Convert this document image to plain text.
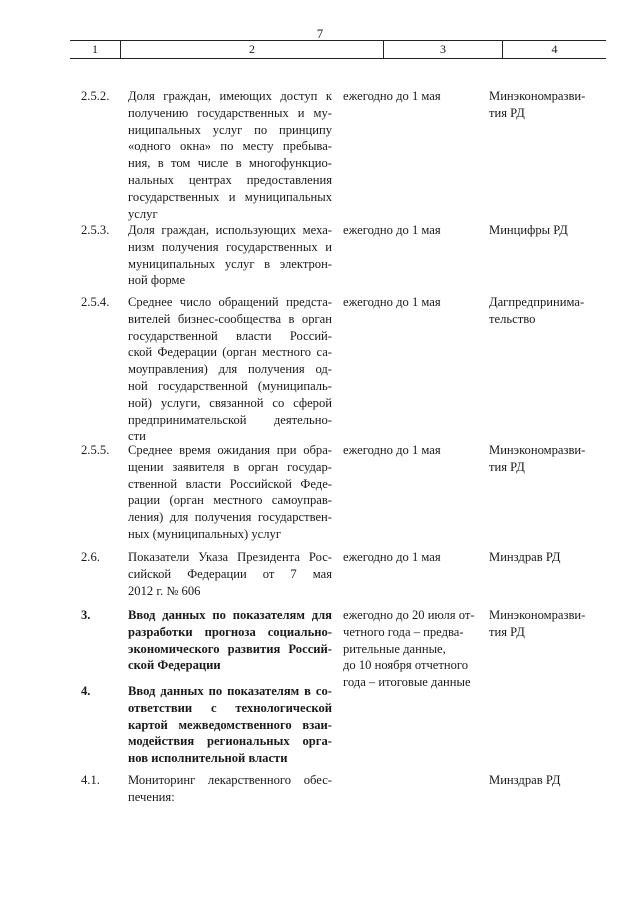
7
1	2	3	4
2.5.2.	Доля граждан, имеющих доступ к
получению государственных и му-
ниципальных услуг по принципу
«одного окна» по месту пребыва-
ния, в том числе в многофункцио-
нальных центрах предоставления
государственных и муниципальных
услуг
ежегодно до 1 мая	Минэкономразви-
тия РД
2.5.3.	Доля граждан, использующих меха-
низм получения государственных и
муниципальных услуг в электрон-
ной форме
ежегодно до 1 мая	Минцифры РД
2.5.4.	Среднее число обращений предста-
вителей бизнес-сообщества в орган
государственной власти Россий-
ской Федерации (орган местного са-
моуправления) для получения од-
ной государственной (муниципаль-
ной) услуги, связанной со сферой
предпринимательской деятельно-
сти
ежегодно до 1 мая	Дагпредпринима-
тельство
2.5.5.	Среднее время ожидания при обра-
щении заявителя в орган государ-
ственной власти Российской Феде-
рации (орган местного самоуправ-
ления) для получения государствен-
ных (муниципальных) услуг
ежегодно до 1 мая	Минэкономразви-
тия РД
2.6.	Показатели Указа Президента Рос-
сийской Федерации от 7 мая
2012 г. № 606
ежегодно до 1 мая	Минздрав РД
3.	Ввод данных по показателям для
разработки прогноза социально-
экономического развития Россий-
ской Федерации
ежегодно до 20 июля от-
четного года – предва-
рительные данные,
до 10 ноября отчетного
года – итоговые данные
Минэкономразви-
тия РД
4.	Ввод данных по показателям в со-
ответствии с технологической
картой межведомственного взаи-
модействия региональных орга-
нов исполнительной власти
4.1.	Мониторинг лекарственного обес-
печения:
Минздрав РД
